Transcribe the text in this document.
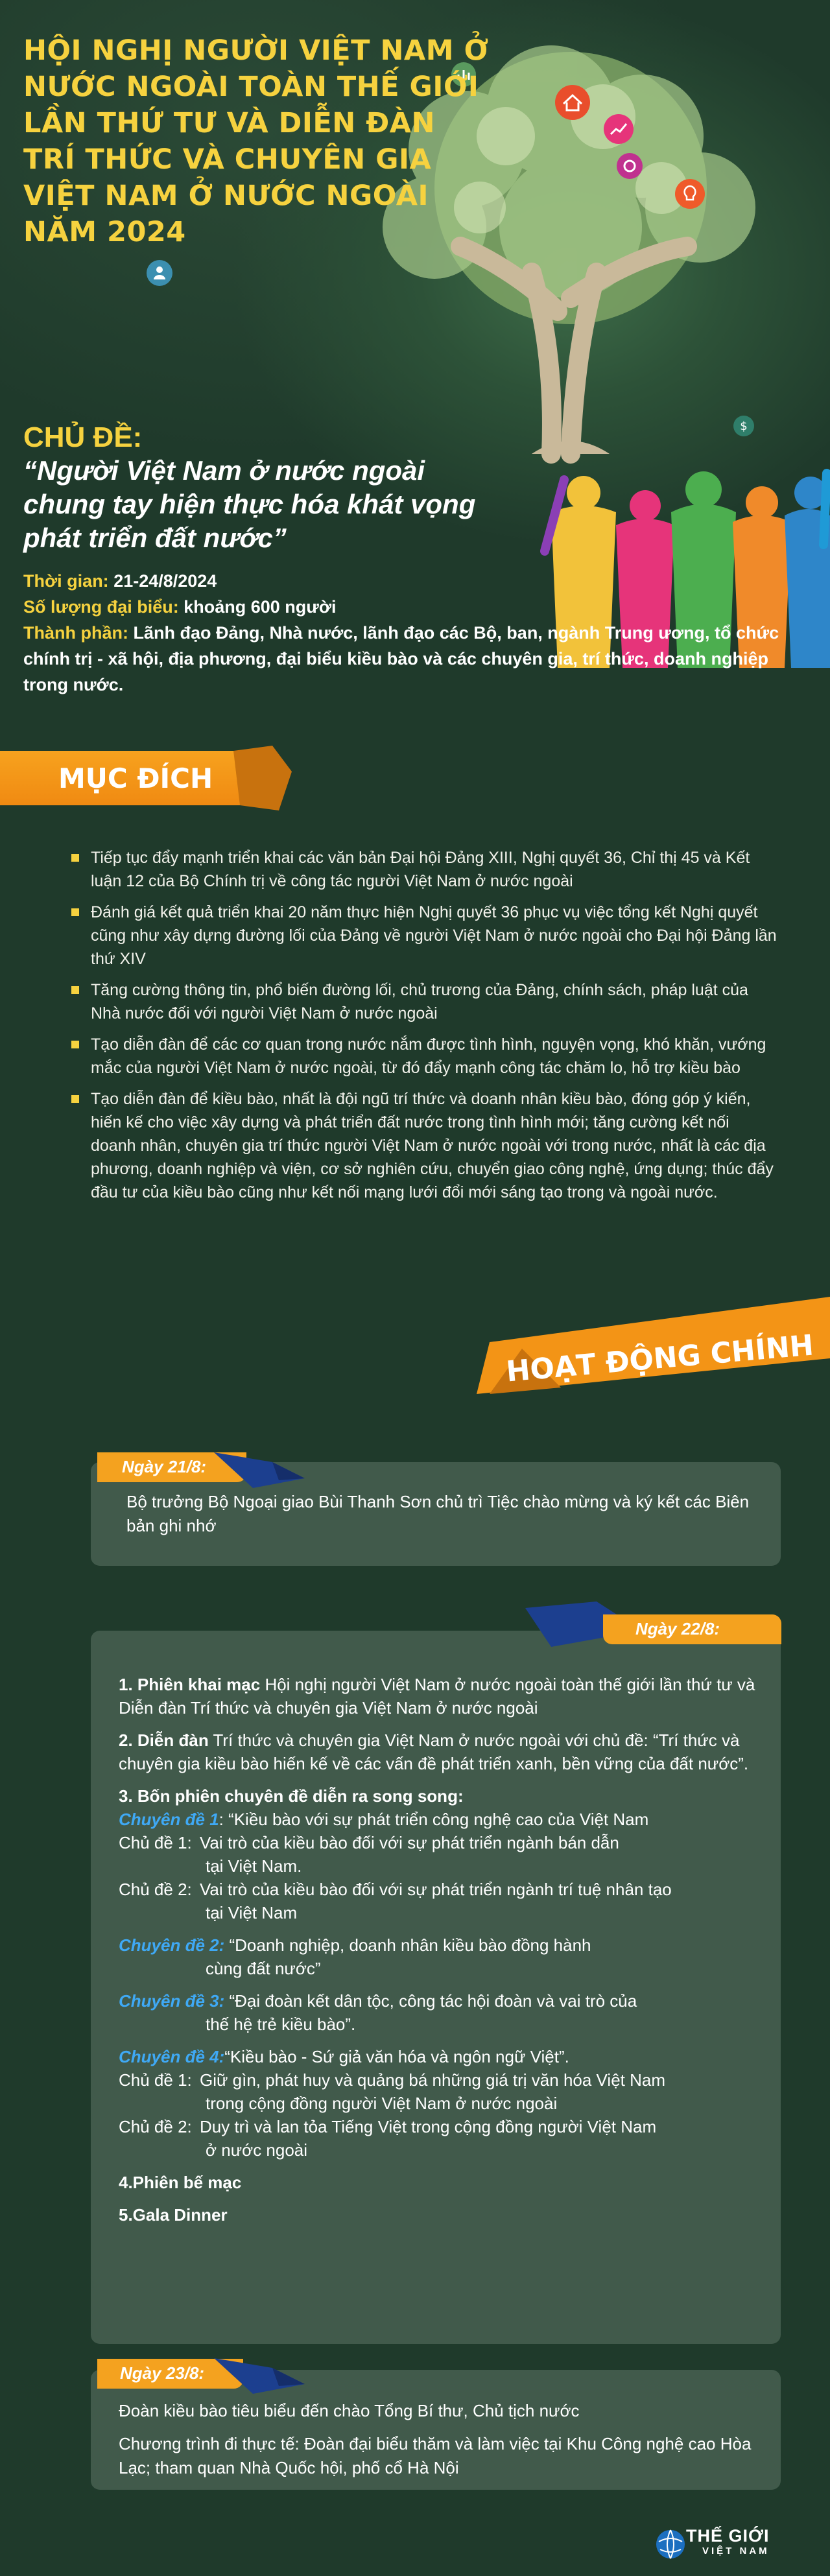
$
HỘI NGHỊ NGƯỜI VIỆT NAM Ở
NƯỚC NGOÀI TOÀN THẾ GIỚI
LẦN THỨ TƯ VÀ DIỄN ĐÀN
TRÍ THỨC VÀ CHUYÊN GIA
VIỆT NAM Ở NƯỚC NGOÀI
NĂM 2024
CHỦ ĐỀ:

“Người Việt Nam ở nước ngoài
chung tay hiện thực hóa khát vọng
phát triển đất nước”

Thời gian: 21-24/8/2024
Số lượng đại biểu: khoảng 600 người
Thành phần: Lãnh đạo Đảng, Nhà nước, lãnh đạo các Bộ, ban, ngành Trung ương, tổ chức chính trị - xã hội, địa phương, đại biểu kiều bào và các chuyên gia, trí thức, doanh nghiệp trong nước.
MỤC ĐÍCH
Tiếp tục đẩy mạnh triển khai các văn bản Đại hội Đảng XIII, Nghị quyết 36, Chỉ thị 45 và Kết luận 12 của Bộ Chính trị về công tác người Việt Nam ở nước ngoài
Đánh giá kết quả triển khai 20 năm thực hiện Nghị quyết 36 phục vụ việc tổng kết Nghị quyết cũng như xây dựng đường lối của Đảng về người Việt Nam ở nước ngoài cho Đại hội Đảng lần thứ XIV
Tăng cường thông tin, phổ biến đường lối, chủ trương của Đảng, chính sách, pháp luật của Nhà nước đối với người Việt Nam ở nước ngoài
Tạo diễn đàn để các cơ quan trong nước nắm được tình hình, nguyện vọng, khó khăn, vướng mắc của người Việt Nam ở nước ngoài, từ đó đẩy mạnh công tác chăm lo, hỗ trợ kiều bào
Tạo diễn đàn để kiều bào, nhất là đội ngũ trí thức và doanh nhân kiều bào, đóng góp ý kiến, hiến kế cho việc xây dựng và phát triển đất nước trong tình hình mới; tăng cường kết nối doanh nhân, chuyên gia trí thức người Việt Nam ở nước ngoài với trong nước, nhất là các địa phương, doanh nghiệp và viện, cơ sở nghiên cứu, chuyển giao công nghệ, ứng dụng; thúc đẩy đầu tư của kiều bào cũng như kết nối mạng lưới đổi mới sáng tạo trong và ngoài nước.
HOẠT ĐỘNG CHÍNH
Ngày 21/8:
Bộ trưởng Bộ Ngoại giao Bùi Thanh Sơn chủ trì Tiệc chào mừng và ký kết các Biên bản ghi nhớ
Ngày 22/8:

1. Phiên khai mạc Hội nghị người Việt Nam ở nước ngoài toàn thế giới lần thứ tư và Diễn đàn Trí thức và chuyên gia Việt Nam ở nước ngoài

2. Diễn đàn Trí thức và chuyên gia Việt Nam ở nước ngoài với chủ đề: “Trí thức và chuyên gia kiều bào hiến kế về các vấn đề phát triển xanh, bền vững của đất nước”.

3. Bốn phiên chuyên đề diễn ra song song:

Chuyên đề 1: “Kiều bào với sự phát triển công nghệ cao của Việt Nam

Chủ đề 1: Vai trò của kiều bào đối với sự phát triển ngành bán dẫn

tại Việt Nam.

Chủ đề 2: Vai trò của kiều bào đối với sự phát triển ngành trí tuệ nhân tạo

tại Việt Nam

Chuyên đề 2: “Doanh nghiệp, doanh nhân kiều bào đồng hành

cùng đất nước”

Chuyên đề 3: “Đại đoàn kết dân tộc, công tác hội đoàn và vai trò của

thế hệ trẻ kiều bào”.

Chuyên đề 4:“Kiều bào - Sứ giả văn hóa và ngôn ngữ Việt”.

Chủ đề 1: Giữ gìn, phát huy và quảng bá những giá trị văn hóa Việt Nam

trong cộng đồng người Việt Nam ở nước ngoài

Chủ đề 2: Duy trì và lan tỏa Tiếng Việt trong cộng đồng người Việt Nam

ở nước ngoài

4.Phiên bế mạc

5.Gala Dinner

Ngày 23/8:
Đoàn kiều bào tiêu biểu đến chào Tổng Bí thư, Chủ tịch nước
Chương trình đi thực tế: Đoàn đại biểu thăm và làm việc tại Khu Công nghệ cao Hòa Lạc; tham quan Nhà Quốc hội, phố cổ Hà Nội
THẾ GIỚI
VIỆT NAM
